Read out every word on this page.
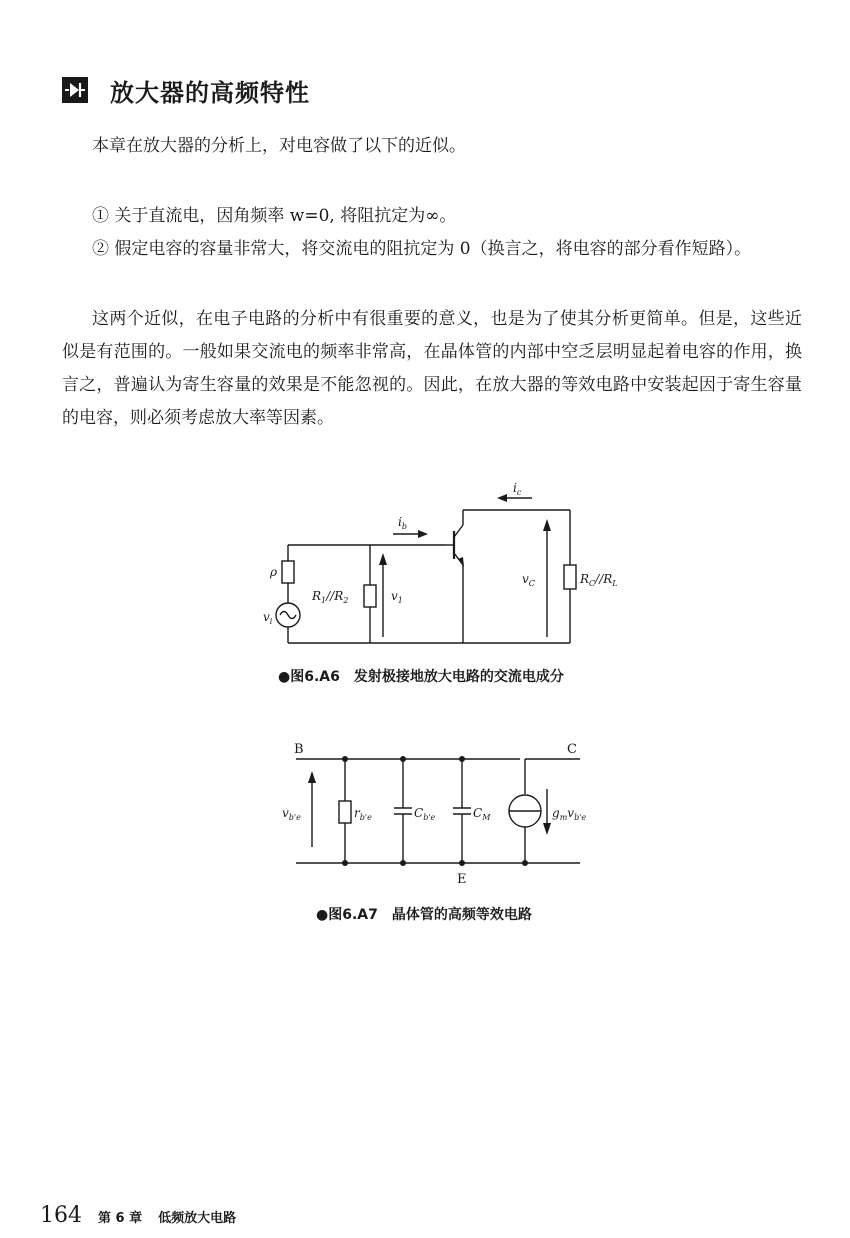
放大器的高频特性

本章在放大器的分析上，对电容做了以下的近似。

① 关于直流电，因角频率 w=0, 将阻抗定为∞。

② 假定电容的容量非常大，将交流电的阻抗定为 0（换言之，将电容的部分看作短路）。

这两个近似，在电子电路的分析中有很重要的意义，也是为了使其分析更简单。但是，这些近似是有范围的。一般如果交流电的频率非常高，在晶体管的内部中空乏层明显起着电容的作用，换言之，普遍认为寄生容量的效果是不能忽视的。因此，在放大器的等效电路中安装起因于寄生容量的电容，则必须考虑放大率等因素。

$i_c$
$i_b$
ρ
$v_i$
$R_1//R_2$	$v_1$
$v_C$	$R_C//R_L$
●图6.A6 发射极接地放大电路的交流电成分
B	C
E
$v_{b'e}$	$r_{b'e}$	$C_{b'e}$	$C_M$	$g_mv_{b'e}$
●图6.A7 晶体管的高频等效电路
164 第 6 章 低频放大电路
